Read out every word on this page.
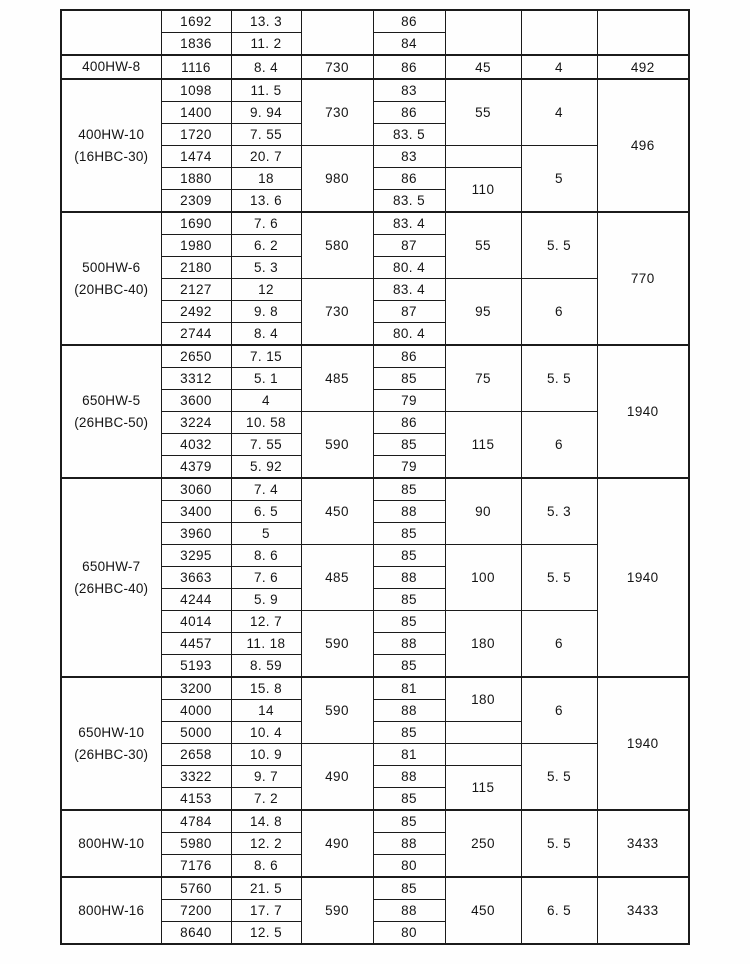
	1692	13. 3		86			
	1836	11. 2		84			
400HW-8	1116	8. 4	730	86	45	4	492
400HW-10
(16HBC-30)	1098	11. 5	730	83	55	4	496
	1400	9. 94		86			
	1720	7. 55		83. 5			
	1474	20. 7	980	83		5	
	1880	18		86	110		
	2309	13. 6		83. 5			
500HW-6
(20HBC-40)	1690	7. 6	580	83. 4	55	5. 5	770
	1980	6. 2		87			
	2180	5. 3		80. 4			
	2127	12	730	83. 4	95	6	
	2492	9. 8		87			
	2744	8. 4		80. 4			
650HW-5
(26HBC-50)	2650	7. 15	485	86	75	5. 5	1940
	3312	5. 1		85			
	3600	4		79			
	3224	10. 58	590	86	115	6	
	4032	7. 55		85			
	4379	5. 92		79			
650HW-7
(26HBC-40)	3060	7. 4	450	85	90	5. 3	1940
	3400	6. 5		88			
	3960	5		85			
	3295	8. 6	485	85	100	5. 5	
	3663	7. 6		88			
	4244	5. 9		85			
	4014	12. 7	590	85	180	6	
	4457	11. 18		88			
	5193	8. 59		85			
650HW-10
(26HBC-30)	3200	15. 8	590	81	180	6	1940
	4000	14		88			
	5000	10. 4		85			
	2658	10. 9	490	81		5. 5	
	3322	9. 7		88	115		
	4153	7. 2		85			
800HW-10	4784	14. 8	490	85	250	5. 5	3433
	5980	12. 2		88			
	7176	8. 6		80			
800HW-16	5760	21. 5	590	85	450	6. 5	3433
	7200	17. 7		88			
	8640	12. 5		80			
